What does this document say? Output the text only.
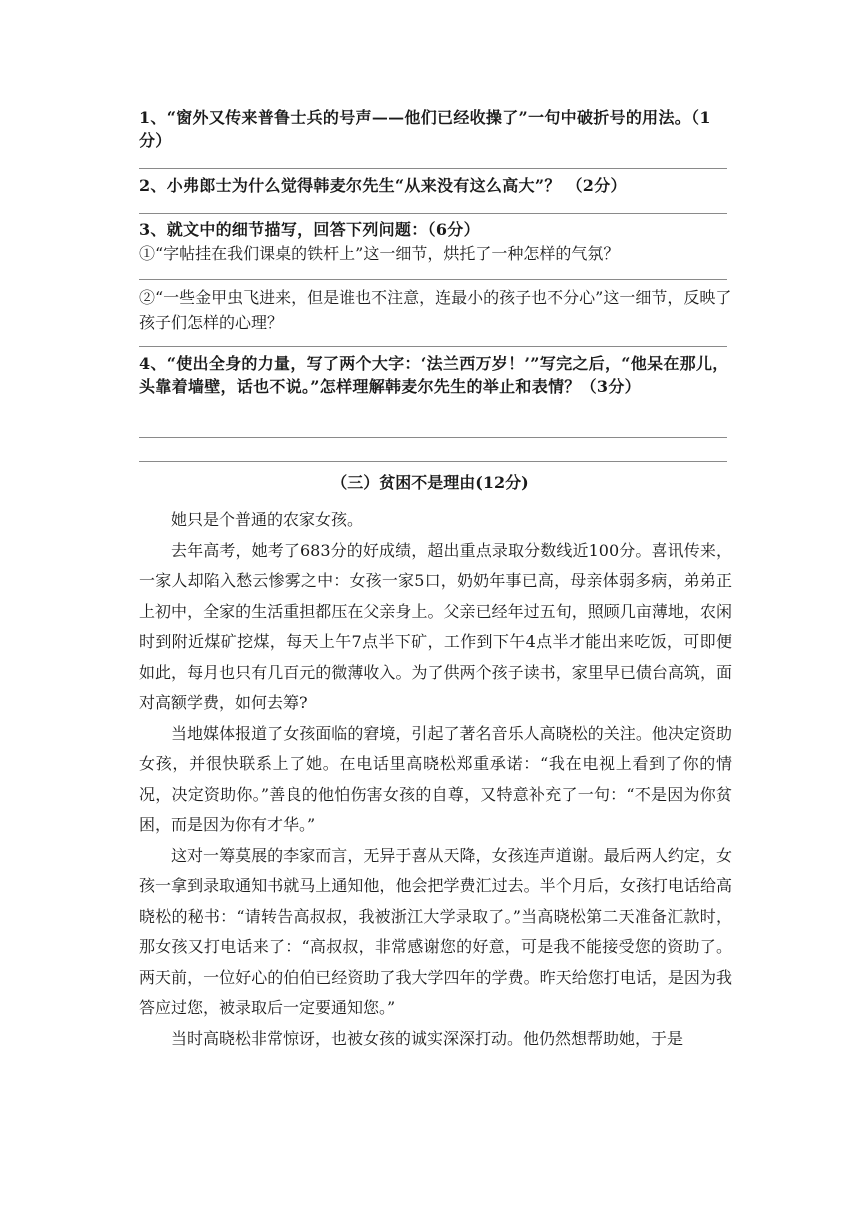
1、“窗外又传来普鲁士兵的号声——他们已经收操了”一句中破折号的用法。（1分）
2、小弗郎士为什么觉得韩麦尔先生“从来没有这么高大”？ （2分）
3、就文中的细节描写，回答下列问题：（6分）
①“字帖挂在我们课桌的铁杆上”这一细节，烘托了一种怎样的气氛？
②“一些金甲虫飞进来，但是谁也不注意，连最小的孩子也不分心”这一细节，反映了孩子们怎样的心理？
4、“使出全身的力量，写了两个大字：‘法兰西万岁！’”写完之后，“他呆在那儿，头靠着墙壁，话也不说。”怎样理解韩麦尔先生的举止和表情？（3分）
（三）贫困不是理由(12分)

她只是个普通的农家女孩。

去年高考，她考了683分的好成绩，超出重点录取分数线近100分。喜讯传来，一家人却陷入愁云惨雾之中：女孩一家5口，奶奶年事已高，母亲体弱多病，弟弟正上初中，全家的生活重担都压在父亲身上。父亲已经年过五旬，照顾几亩薄地，农闲时到附近煤矿挖煤，每天上午7点半下矿，工作到下午4点半才能出来吃饭，可即便如此，每月也只有几百元的微薄收入。为了供两个孩子读书，家里早已债台高筑，面对高额学费，如何去筹?

当地媒体报道了女孩面临的窘境，引起了著名音乐人高晓松的关注。他决定资助女孩，并很快联系上了她。在电话里高晓松郑重承诺：“我在电视上看到了你的情况，决定资助你。”善良的他怕伤害女孩的自尊，又特意补充了一句：“不是因为你贫困，而是因为你有才华。”

这对一筹莫展的李家而言，无异于喜从天降，女孩连声道谢。最后两人约定，女孩一拿到录取通知书就马上通知他，他会把学费汇过去。半个月后，女孩打电话给高晓松的秘书：“请转告高叔叔，我被浙江大学录取了。”当高晓松第二天准备汇款时，那女孩又打电话来了：“高叔叔，非常感谢您的好意，可是我不能接受您的资助了。两天前，一位好心的伯伯已经资助了我大学四年的学费。昨天给您打电话，是因为我答应过您，被录取后一定要通知您。”

当时高晓松非常惊讶，也被女孩的诚实深深打动。他仍然想帮助她，于是
